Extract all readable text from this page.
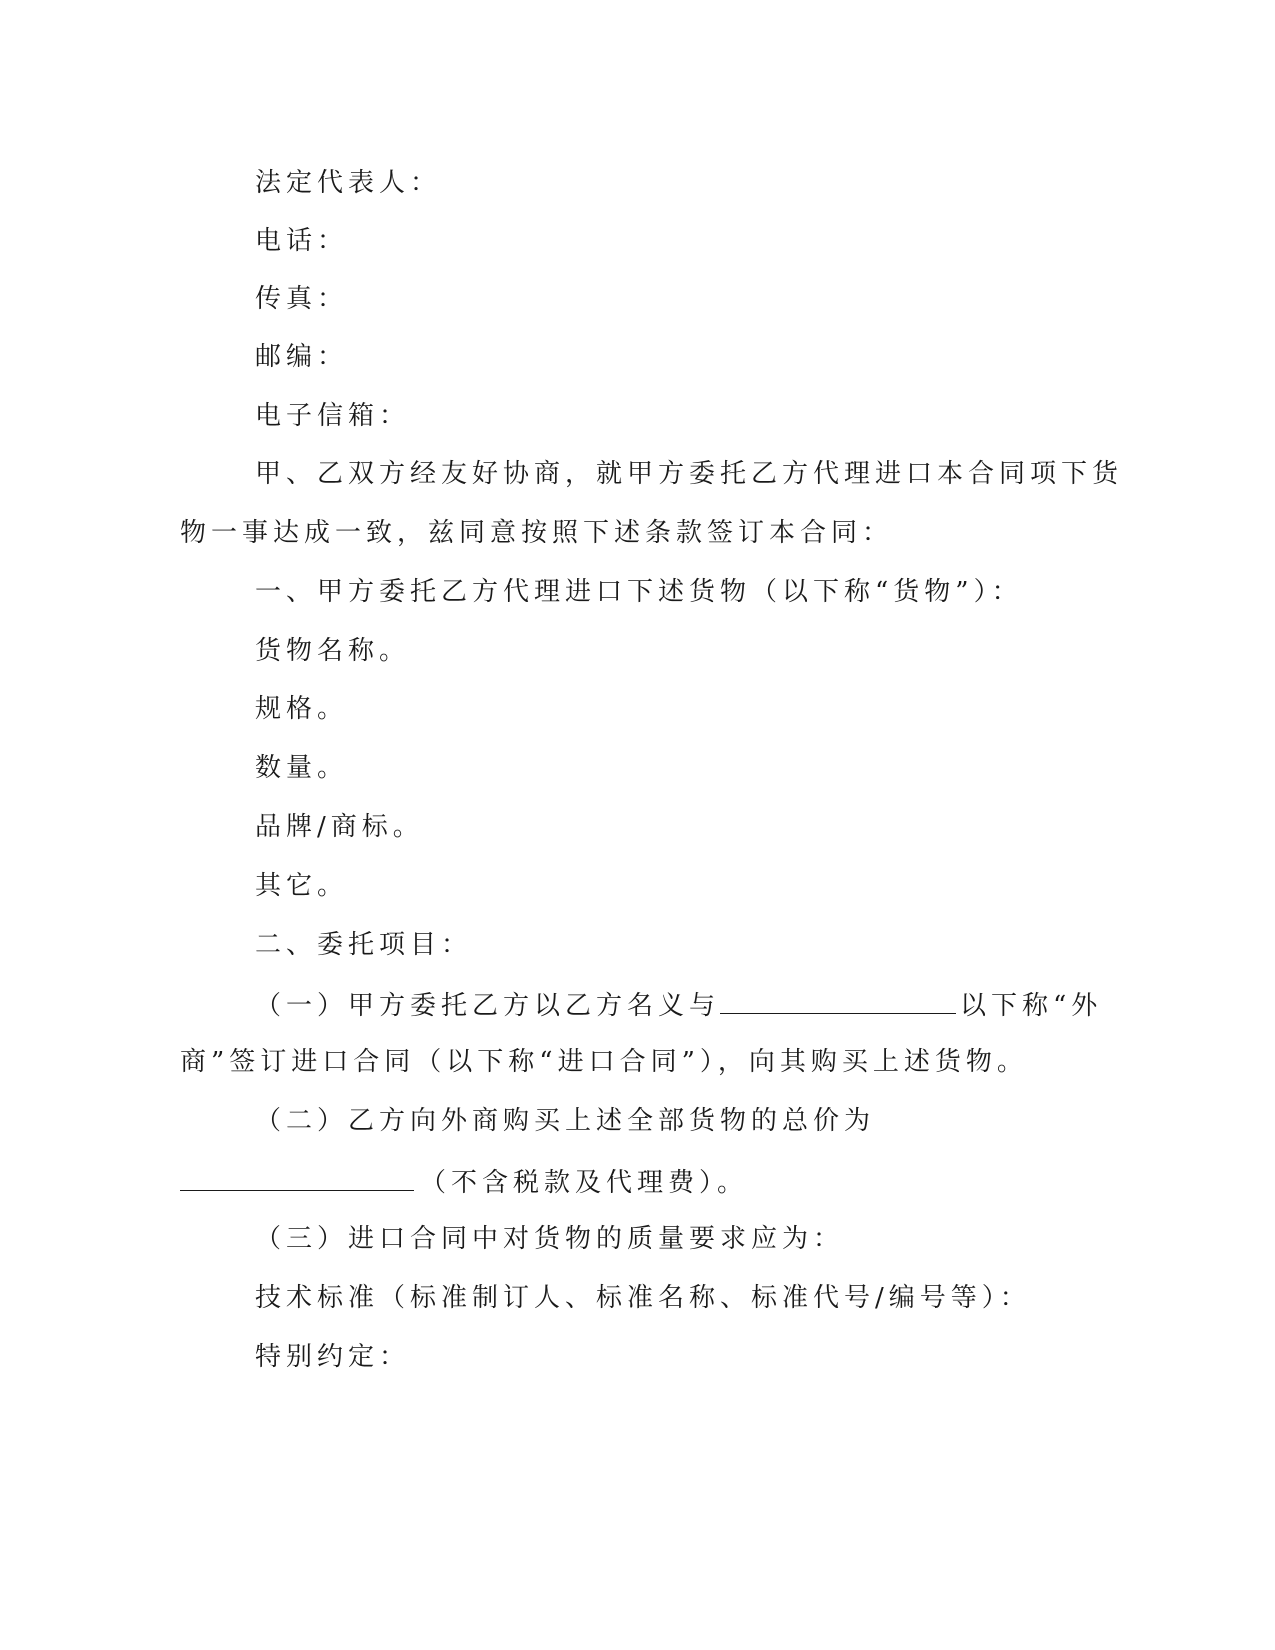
法定代表人：
电话：
传真：
邮编：
电子信箱：
甲、乙双方经友好协商，就甲方委托乙方代理进口本合同项下货
物一事达成一致，兹同意按照下述条款签订本合同：
一、甲方委托乙方代理进口下述货物（以下称“货物”）：
货物名称。
规格。
数量。
品牌/商标。
其它。
二、委托项目：
（一）甲方委托乙方以乙方名义与	以下称“外
商”签订进口合同（以下称“进口合同”），向其购买上述货物。
（二）乙方向外商购买上述全部货物的总价为
（不含税款及代理费）。
（三）进口合同中对货物的质量要求应为：
技术标准（标准制订人、标准名称、标准代号/编号等）：
特别约定：
